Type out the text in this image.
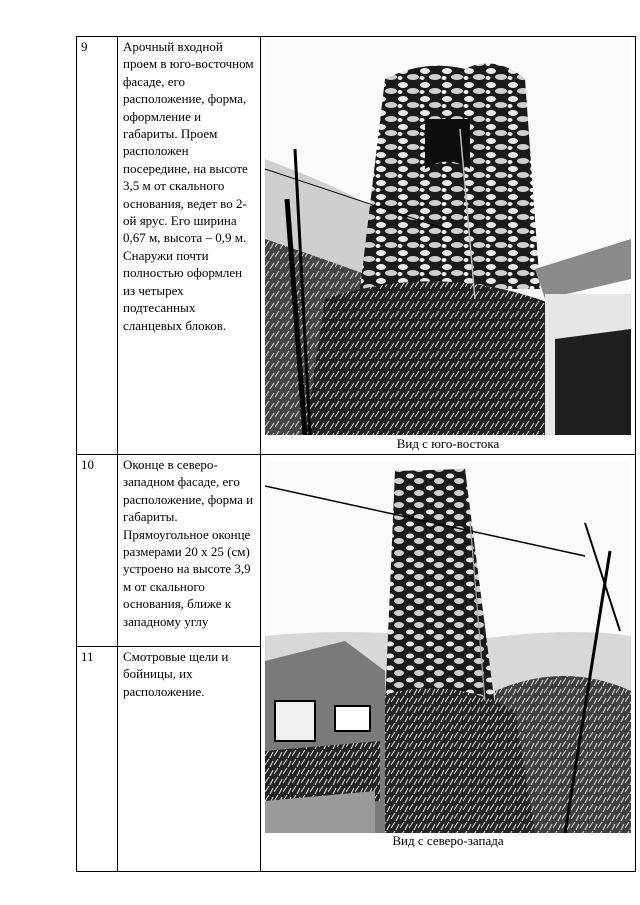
9	Арочный входной проем в юго-восточном фасаде, его расположение, форма, оформление и габариты. Проем расположен посередине, на высоте 3,5 м от скального основания, ведет во 2-ой ярус. Его ширина 0,67 м, высота – 0,9 м. Снаружи почти полностью оформлен из четырех подтесанных сланцевых блоков.	Вид с юго-востока

10	Оконце в северо-западном фасаде, его расположение, форма и габариты. Прямоугольное оконце размерами 20 х 25 (см) устроено на высоте 3,9 м от скального основания, ближе к западному углу	Вид с северо-запада

11	Смотровые щели и бойницы, их расположение.	
